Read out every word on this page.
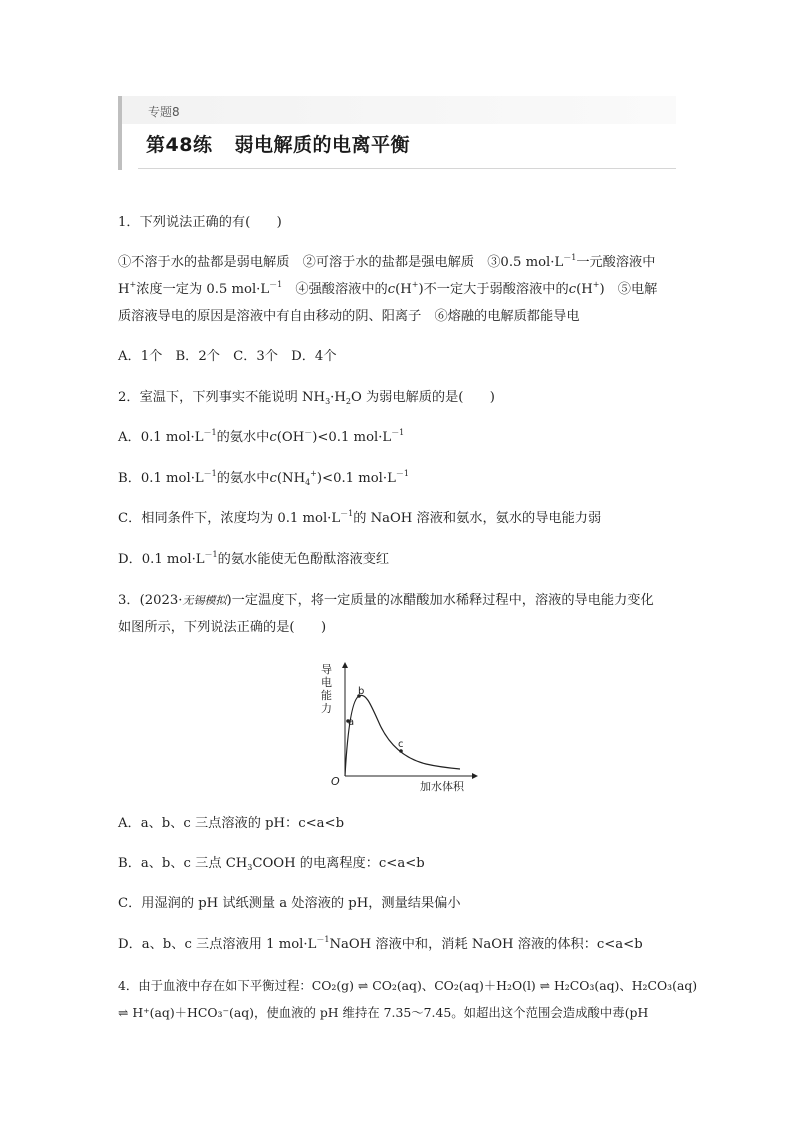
专题8
第48练 弱电解质的电离平衡
1．下列说法正确的有(　　)
①不溶于水的盐都是弱电解质　②可溶于水的盐都是强电解质　③0.5 $mol\cdot L^{-1}$一元酸溶液中
H+浓度一定为 0.5 $mol\cdot L^{-1}$　④强酸溶液中的c(H+)不一定大于弱酸溶液中的c(H+)　⑤电解
质溶液导电的原因是溶液中有自由移动的阴、阳离子　⑥熔融的电解质都能导电
A．1个　B．2个　C．3个　D．4个
2．室温下，下列事实不能说明 $NH_3\cdot H_2O$ 为弱电解质的是(　　)
A．0.1 $mol\cdot L^{-1}$的氨水中c(OH－)<0.1 $mol\cdot L^{-1}$
B．0.1 $mol\cdot L^{-1}$的氨水中$c(NH_4^+)<0.1$ $mol\cdot L^{-1}$
C．相同条件下，浓度均为 0.1 $mol\cdot L^{-1}$的 NaOH 溶液和氨水，氨水的导电能力弱
D．0.1 $mol\cdot L^{-1}$的氨水能使无色酚酞溶液变红
3．(2023·无锡模拟)一定温度下，将一定质量的冰醋酸加水稀释过程中，溶液的导电能力变化
如图所示，下列说法正确的是(　　)
a
b
c
O
导
电
能
力
加水体积
A．a、b、c 三点溶液的 pH：c<a<b
B．a、b、c 三点 $CH_3COOH$ 的电离程度：c<a<b
C．用湿润的 pH 试纸测量 a 处溶液的 pH，测量结果偏小
D．a、b、c 三点溶液用 1 $mol\cdot L^{-1}NaOH$ 溶液中和，消耗 NaOH 溶液的体积：c<a<b
4．由于血液中存在如下平衡过程：CO₂(g) ⇌ CO₂(aq)、CO₂(aq)＋H₂O(l) ⇌ H₂CO₃(aq)、H₂CO₃(aq)
⇌ H⁺(aq)＋HCO₃⁻(aq)，使血液的 pH 维持在 7.35～7.45。如超出这个范围会造成酸中毒(pH
